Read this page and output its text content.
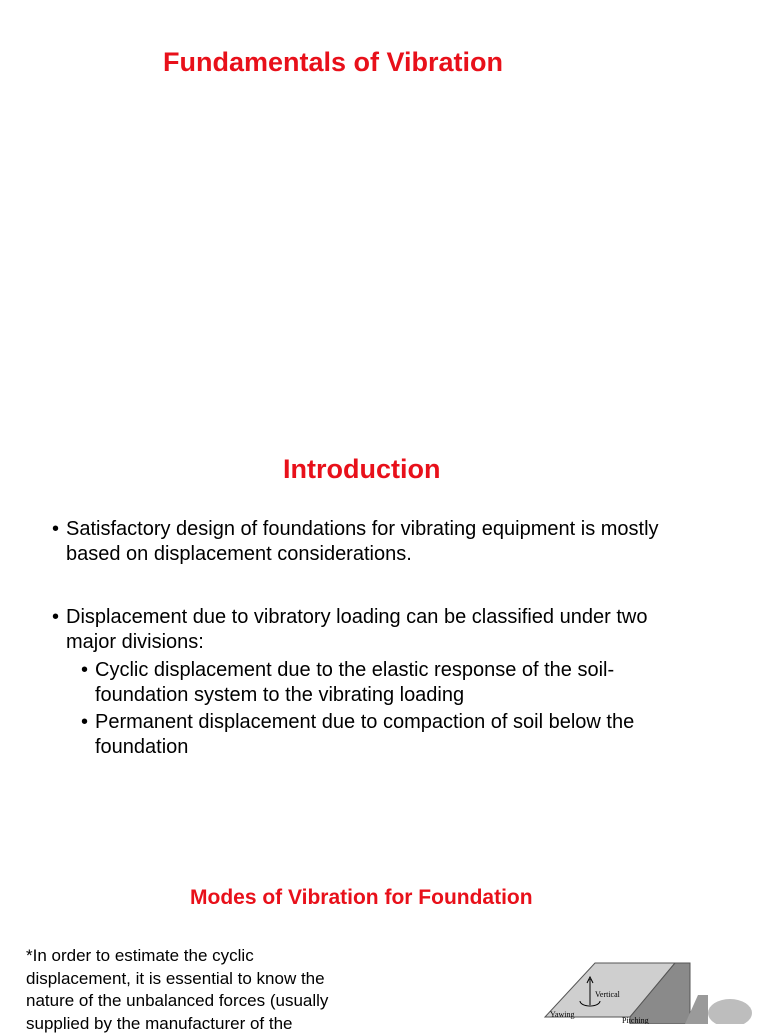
Fundamentals of Vibration
Introduction
• Satisfactory design of foundations for vibrating equipment is mostly
based on displacement considerations.
• Displacement due to vibratory loading can be classified under two
major divisions:
• Cyclic displacement due to the elastic response of the soil-
foundation system to the vibrating loading
• Permanent displacement due to compaction of soil below the
foundation
Modes of Vibration for Foundation
*In order to estimate the cyclic
displacement, it is essential to know the
nature of the unbalanced forces (usually
supplied by the manufacturer of the
Vertical
Yawing
Pitching
